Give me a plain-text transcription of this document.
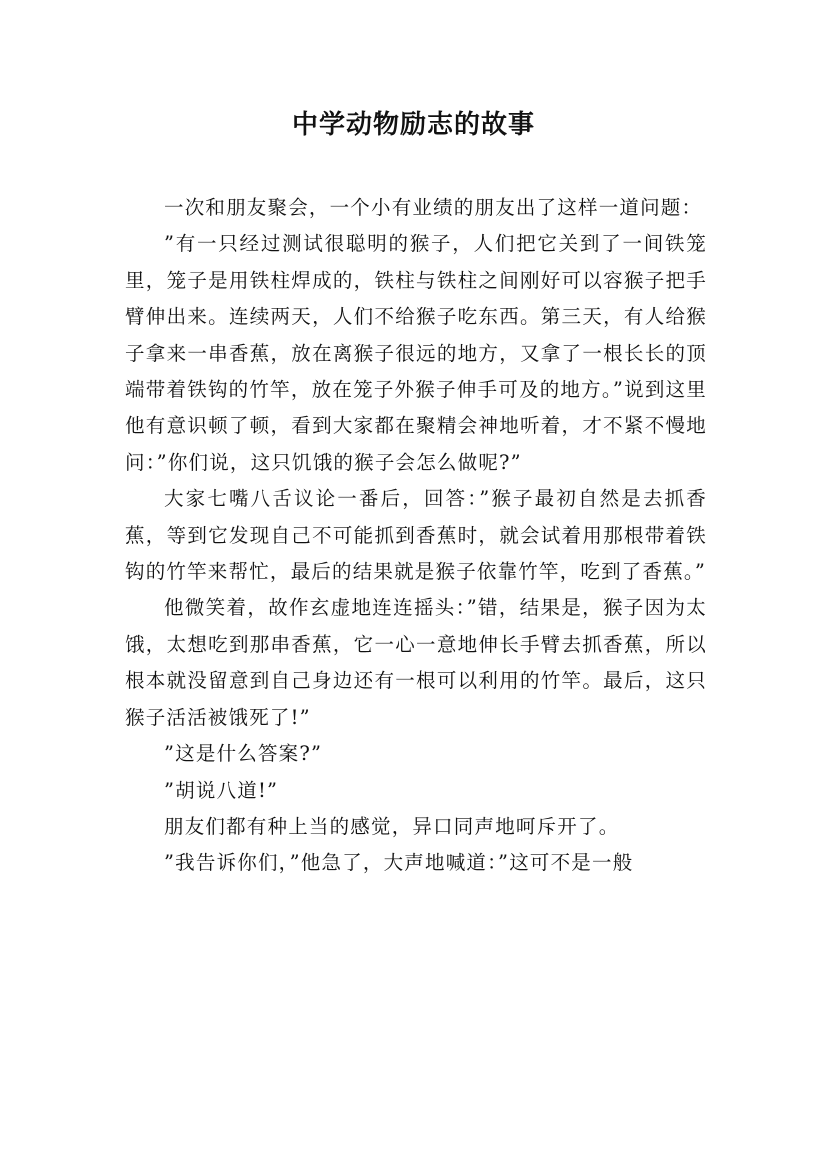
中学动物励志的故事

一次和朋友聚会，一个小有业绩的朋友出了这样一道问题：

”有一只经过测试很聪明的猴子，人们把它关到了一间铁笼里，笼子是用铁柱焊成的，铁柱与铁柱之间刚好可以容猴子把手臂伸出来。连续两天，人们不给猴子吃东西。第三天，有人给猴子拿来一串香蕉，放在离猴子很远的地方，又拿了一根长长的顶端带着铁钩的竹竿，放在笼子外猴子伸手可及的地方。”说到这里他有意识顿了顿，看到大家都在聚精会神地听着，才不紧不慢地问：”你们说，这只饥饿的猴子会怎么做呢?”

大家七嘴八舌议论一番后，回答：”猴子最初自然是去抓香蕉，等到它发现自己不可能抓到香蕉时，就会试着用那根带着铁钩的竹竿来帮忙，最后的结果就是猴子依靠竹竿，吃到了香蕉。”

他微笑着，故作玄虚地连连摇头：”错，结果是，猴子因为太饿，太想吃到那串香蕉，它一心一意地伸长手臂去抓香蕉，所以根本就没留意到自己身边还有一根可以利用的竹竿。最后，这只猴子活活被饿死了!”

”这是什么答案?”

”胡说八道!”

朋友们都有种上当的感觉，异口同声地呵斥开了。

”我告诉你们，”他急了，大声地喊道：”这可不是一般
